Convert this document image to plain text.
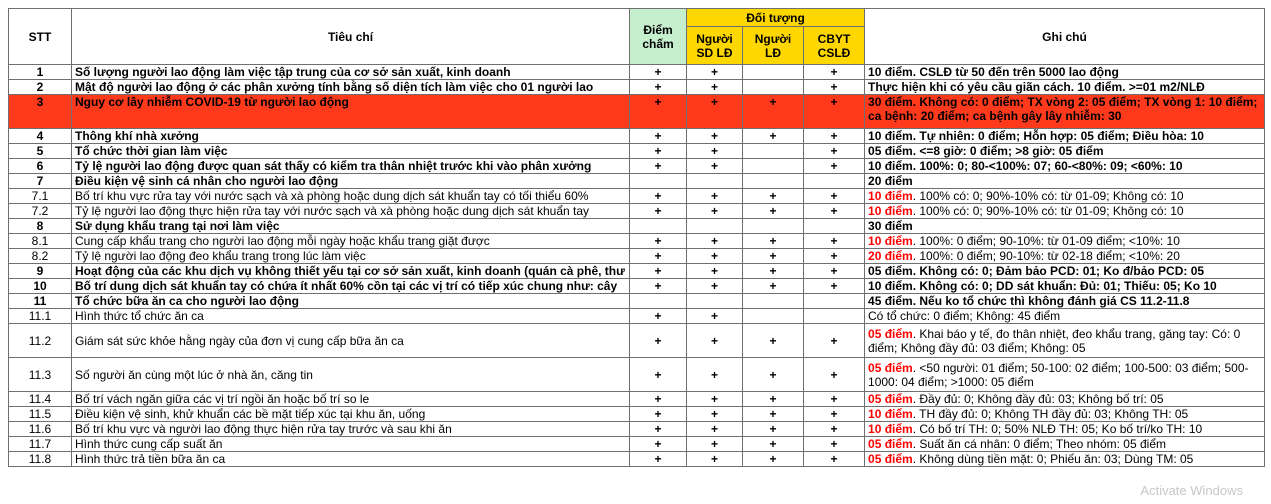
STT	Tiêu chí	Điểm chấm	Đối tượng			Ghi chú
			Người SD LĐ	Người LĐ	CBYT CSLĐ	
1	Số lượng người lao động làm việc tập trung của cơ sở sản xuất, kinh doanh	+	+		+	10 điểm. CSLĐ từ 50 đến trên 5000 lao động
2	Mật độ người lao động ở các phân xưởng tính bằng số diện tích làm việc cho 01 người lao	+	+		+	Thực hiện khi có yêu cầu giãn cách. 10 điểm. >=01 m2/NLĐ
3	Nguy cơ lây nhiễm COVID-19 từ người lao động	+	+	+	+	30 điểm. Không có: 0 điểm; TX vòng 2: 05 điểm; TX vòng 1: 10 điểm; ca bệnh: 20 điểm; ca bệnh gây lây nhiễm: 30
4	Thông khí nhà xưởng	+	+	+	+	10 điểm. Tự nhiên: 0 điểm; Hỗn hợp: 05 điểm; Điều hòa: 10
5	Tổ chức thời gian làm việc	+	+		+	05 điểm. <=8 giờ: 0 điểm; >8 giờ: 05 điểm
6	Tỷ lệ người lao động được quan sát thấy có kiểm tra thân nhiệt trước khi vào phân xưởng	+	+		+	10 điểm. 100%: 0; 80-<100%: 07; 60-<80%: 09; <60%: 10
7	Điều kiện vệ sinh cá nhân cho người lao động					20 điểm
7.1	Bố trí khu vực rửa tay với nước sạch và xà phòng hoặc dung dịch sát khuẩn tay có tối thiểu 60%	+	+	+	+	10 điểm. 100% có: 0; 90%-10% có: từ 01-09; Không có: 10
7.2	Tỷ lệ người lao động thực hiện rửa tay với nước sạch và xà phòng hoặc dung dịch sát khuẩn tay	+	+	+	+	10 điểm. 100% có: 0; 90%-10% có: từ 01-09; Không có: 10
8	Sử dụng khẩu trang tại nơi làm việc					30 điểm
8.1	Cung cấp khẩu trang cho người lao động mỗi ngày hoặc khẩu trang giặt được	+	+	+	+	10 điểm. 100%: 0 điểm; 90-10%: từ 01-09 điểm; <10%: 10
8.2	Tỷ lệ người lao động đeo khẩu trang trong lúc làm việc	+	+	+	+	20 điểm. 100%: 0 điểm; 90-10%: từ 02-18 điểm; <10%: 20
9	Hoạt động của các khu dịch vụ không thiết yếu tại cơ sở sản xuất, kinh doanh (quán cà phê, thư	+	+	+	+	05 điểm. Không có: 0; Đảm bảo PCD: 01; Ko đ/bảo PCD: 05
10	Bố trí dung dịch sát khuẩn tay có chứa ít nhất 60% cồn tại các vị trí có tiếp xúc chung như: cây	+	+	+	+	10 điểm. Không có: 0; DD sát khuẩn: Đủ: 01; Thiếu: 05; Ko 10
11	Tổ chức bữa ăn ca cho người lao động					45 điểm. Nếu ko tổ chức thì không đánh giá CS 11.2-11.8
11.1	Hình thức tổ chức ăn ca	+	+			Có tổ chức: 0 điểm; Không: 45 điểm
11.2	Giám sát sức khỏe hằng ngày của đơn vị cung cấp bữa ăn ca	+	+	+	+	05 điểm. Khai báo y tế, đo thân nhiệt, đeo khẩu trang, găng tay: Có: 0 điểm; Không đầy đủ: 03 điểm; Không: 05
11.3	Số người ăn cùng một lúc ở nhà ăn, căng tin	+	+	+	+	05 điểm. <50 người: 01 điểm; 50-100: 02 điểm; 100-500: 03 điểm; 500-1000: 04 điểm; >1000: 05 điểm
11.4	Bố trí vách ngăn giữa các vị trí ngồi ăn hoặc bố trí so le	+	+	+	+	05 điểm. Đầy đủ: 0; Không đầy đủ: 03; Không bố trí: 05
11.5	Điều kiện vệ sinh, khử khuẩn các bề mặt tiếp xúc tại khu ăn, uống	+	+	+	+	10 điểm. TH đầy đủ: 0; Không TH đầy đủ: 03; Không TH: 05
11.6	Bố trí khu vực và người lao động thực hiện rửa tay trước và sau khi ăn	+	+	+	+	10 điểm. Có bố trí TH: 0; 50% NLĐ TH: 05; Ko bố trí/ko TH: 10
11.7	Hình thức cung cấp suất ăn	+	+	+	+	05 điểm. Suất ăn cá nhân: 0 điểm; Theo nhóm: 05 điểm
11.8	Hình thức trả tiền bữa ăn ca	+	+	+	+	05 điểm. Không dùng tiền mặt: 0; Phiếu ăn: 03; Dùng TM: 05
Activate Windows
